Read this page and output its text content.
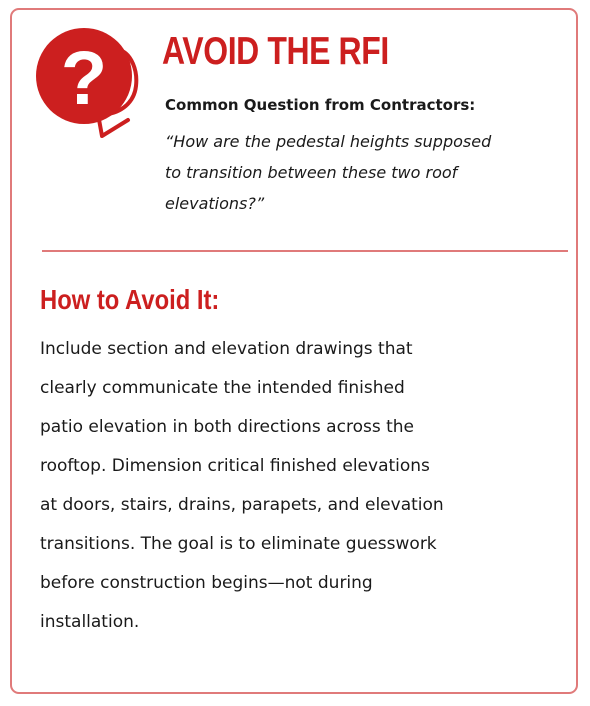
? AVOID THE RFI

Common Question from Contractors:

“How are the pedestal heights supposed
to transition between these two roof
elevations?”

How to Avoid It:

Include section and elevation drawings that
clearly communicate the intended finished
patio elevation in both directions across the
rooftop. Dimension critical finished elevations
at doors, stairs, drains, parapets, and elevation
transitions. The goal is to eliminate guesswork
before construction begins—not during
installation.
